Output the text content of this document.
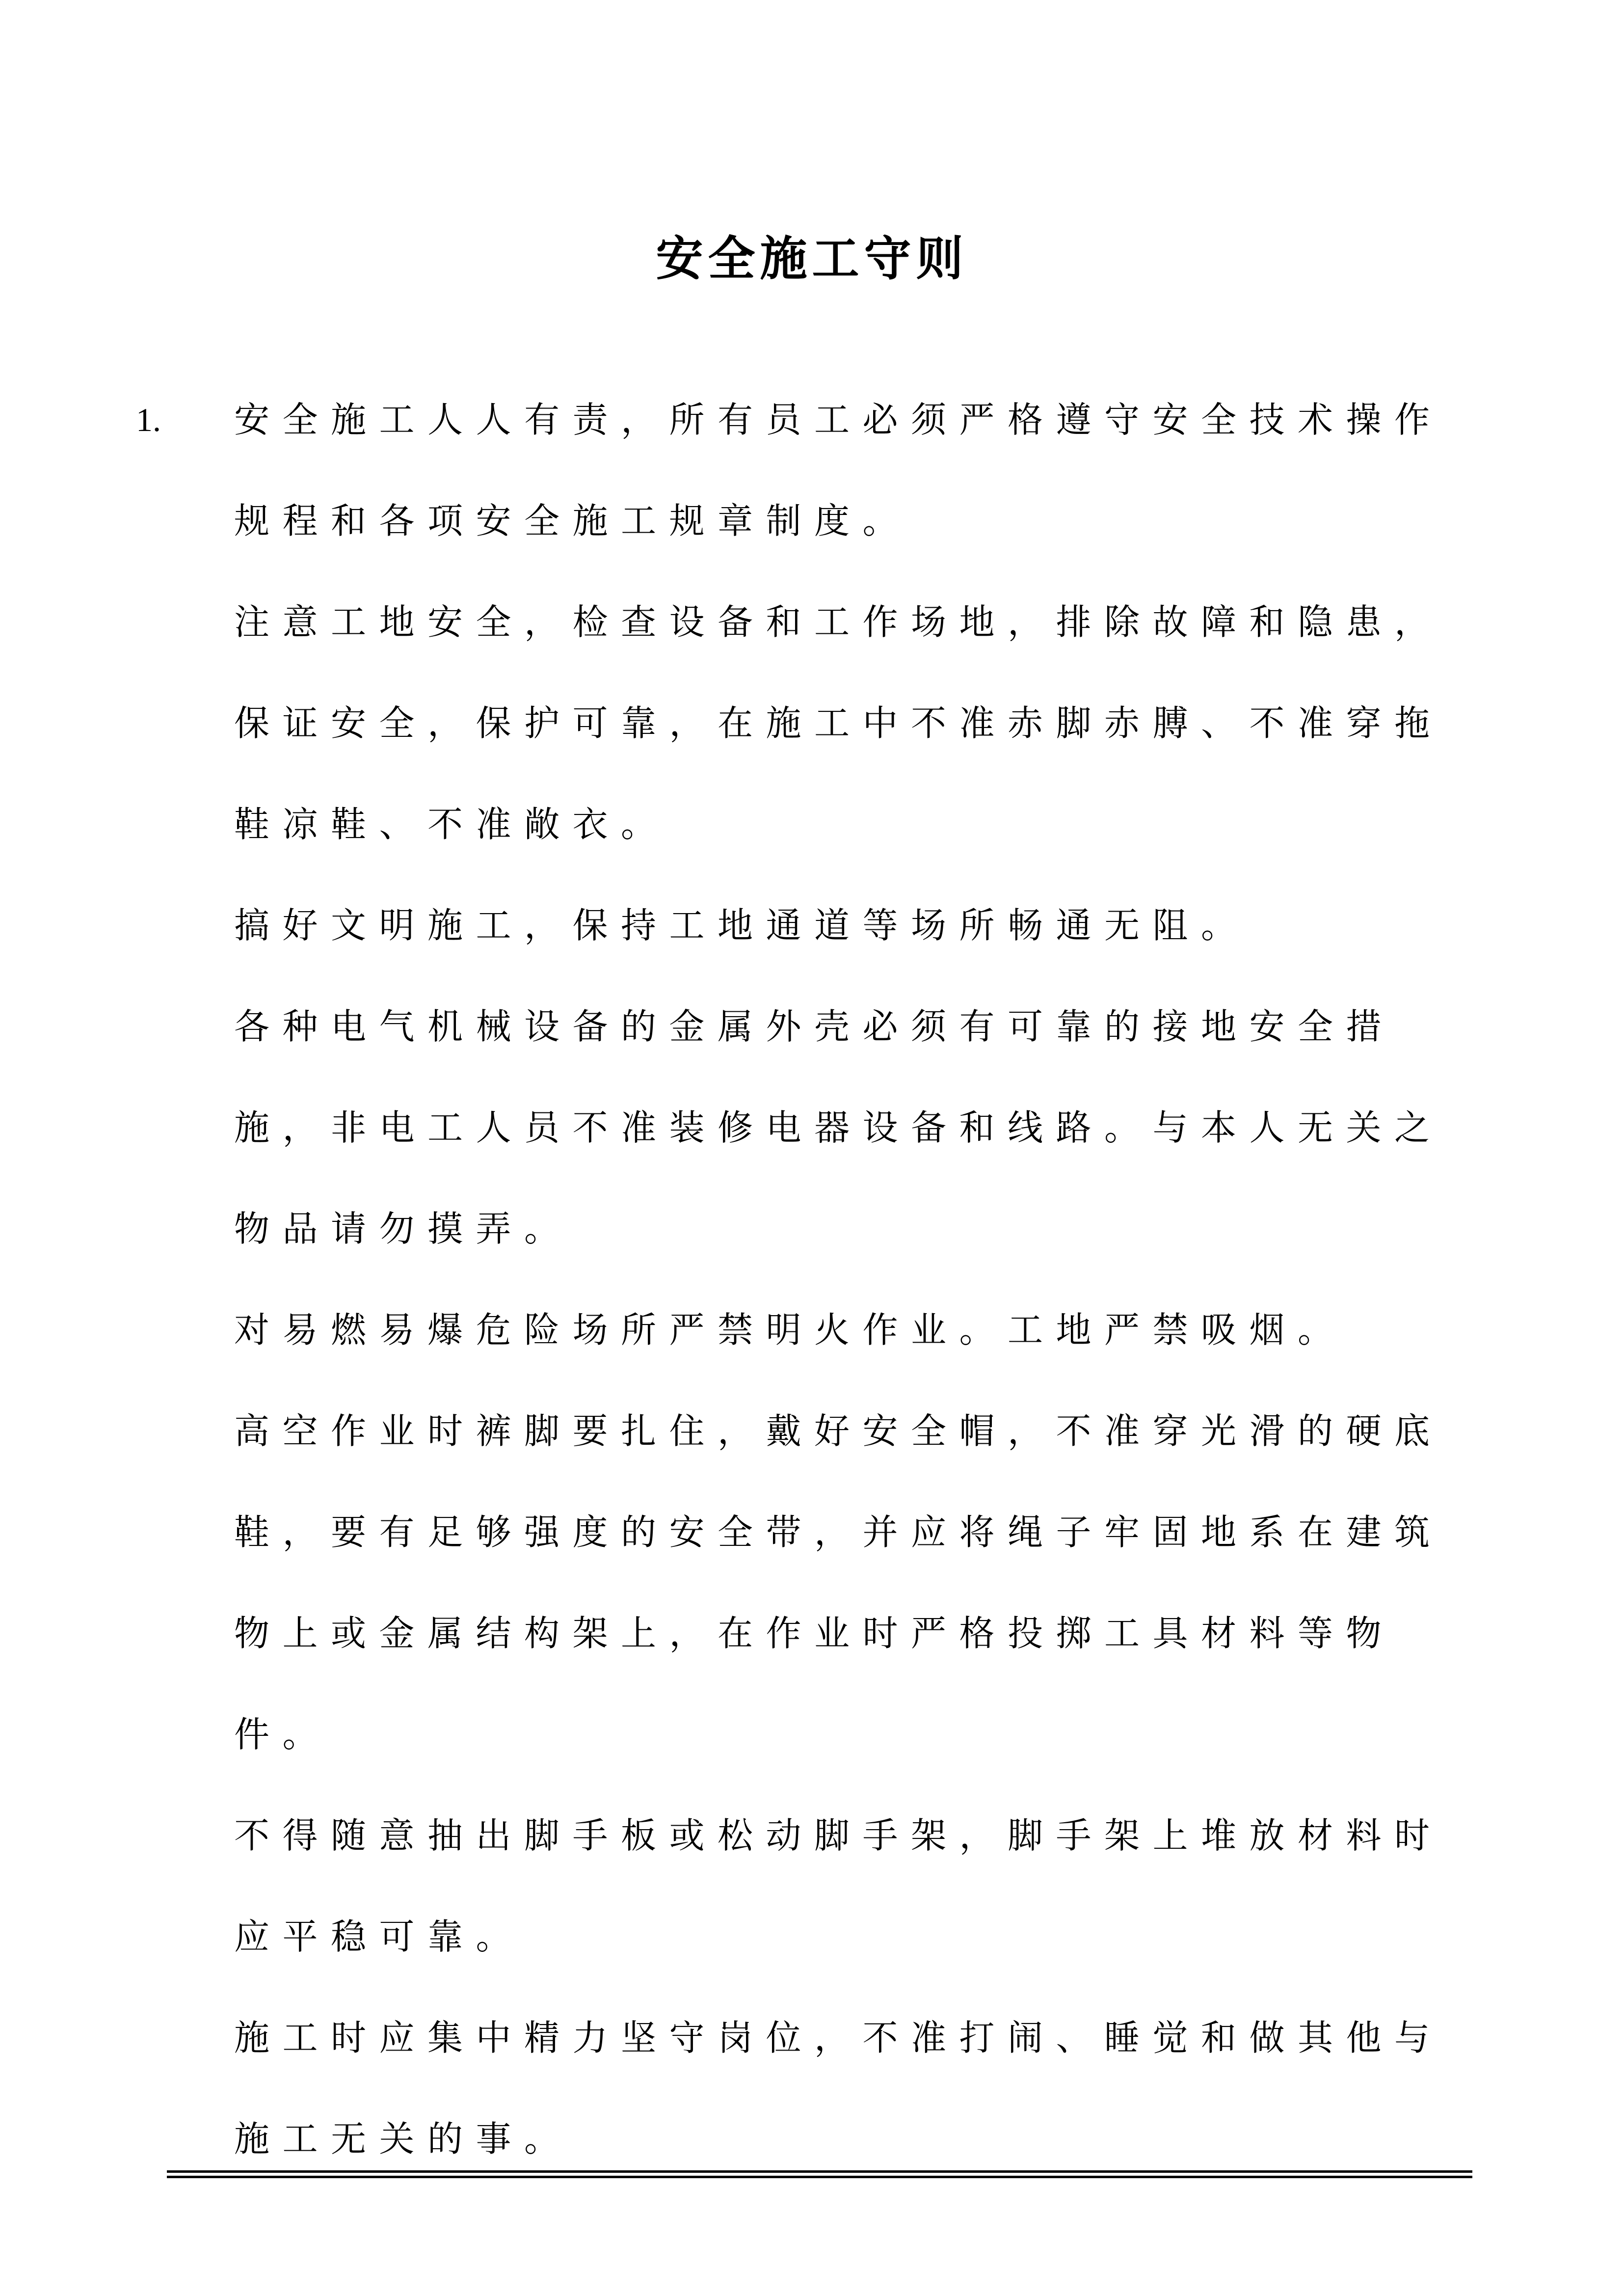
安全施工守则
1. 安全施工人人有责，所有员工必须严格遵守安全技术操作规程和各项安全施工规章制度。
注意工地安全，检查设备和工作场地，排除故障和隐患，保证安全，保护可靠，在施工中不准赤脚赤膊、不准穿拖鞋凉鞋、不准敞衣。
搞好文明施工，保持工地通道等场所畅通无阻。
各种电气机械设备的金属外壳必须有可靠的接地安全措施，非电工人员不准装修电器设备和线路。与本人无关之物品请勿摸弄。
对易燃易爆危险场所严禁明火作业。工地严禁吸烟。
高空作业时裤脚要扎住，戴好安全帽，不准穿光滑的硬底鞋，要有足够强度的安全带，并应将绳子牢固地系在建筑物上或金属结构架上，在作业时严格投掷工具材料等物件。
不得随意抽出脚手板或松动脚手架，脚手架上堆放材料时应平稳可靠。
施工时应集中精力坚守岗位，不准打闹、睡觉和做其他与施工无关的事。
